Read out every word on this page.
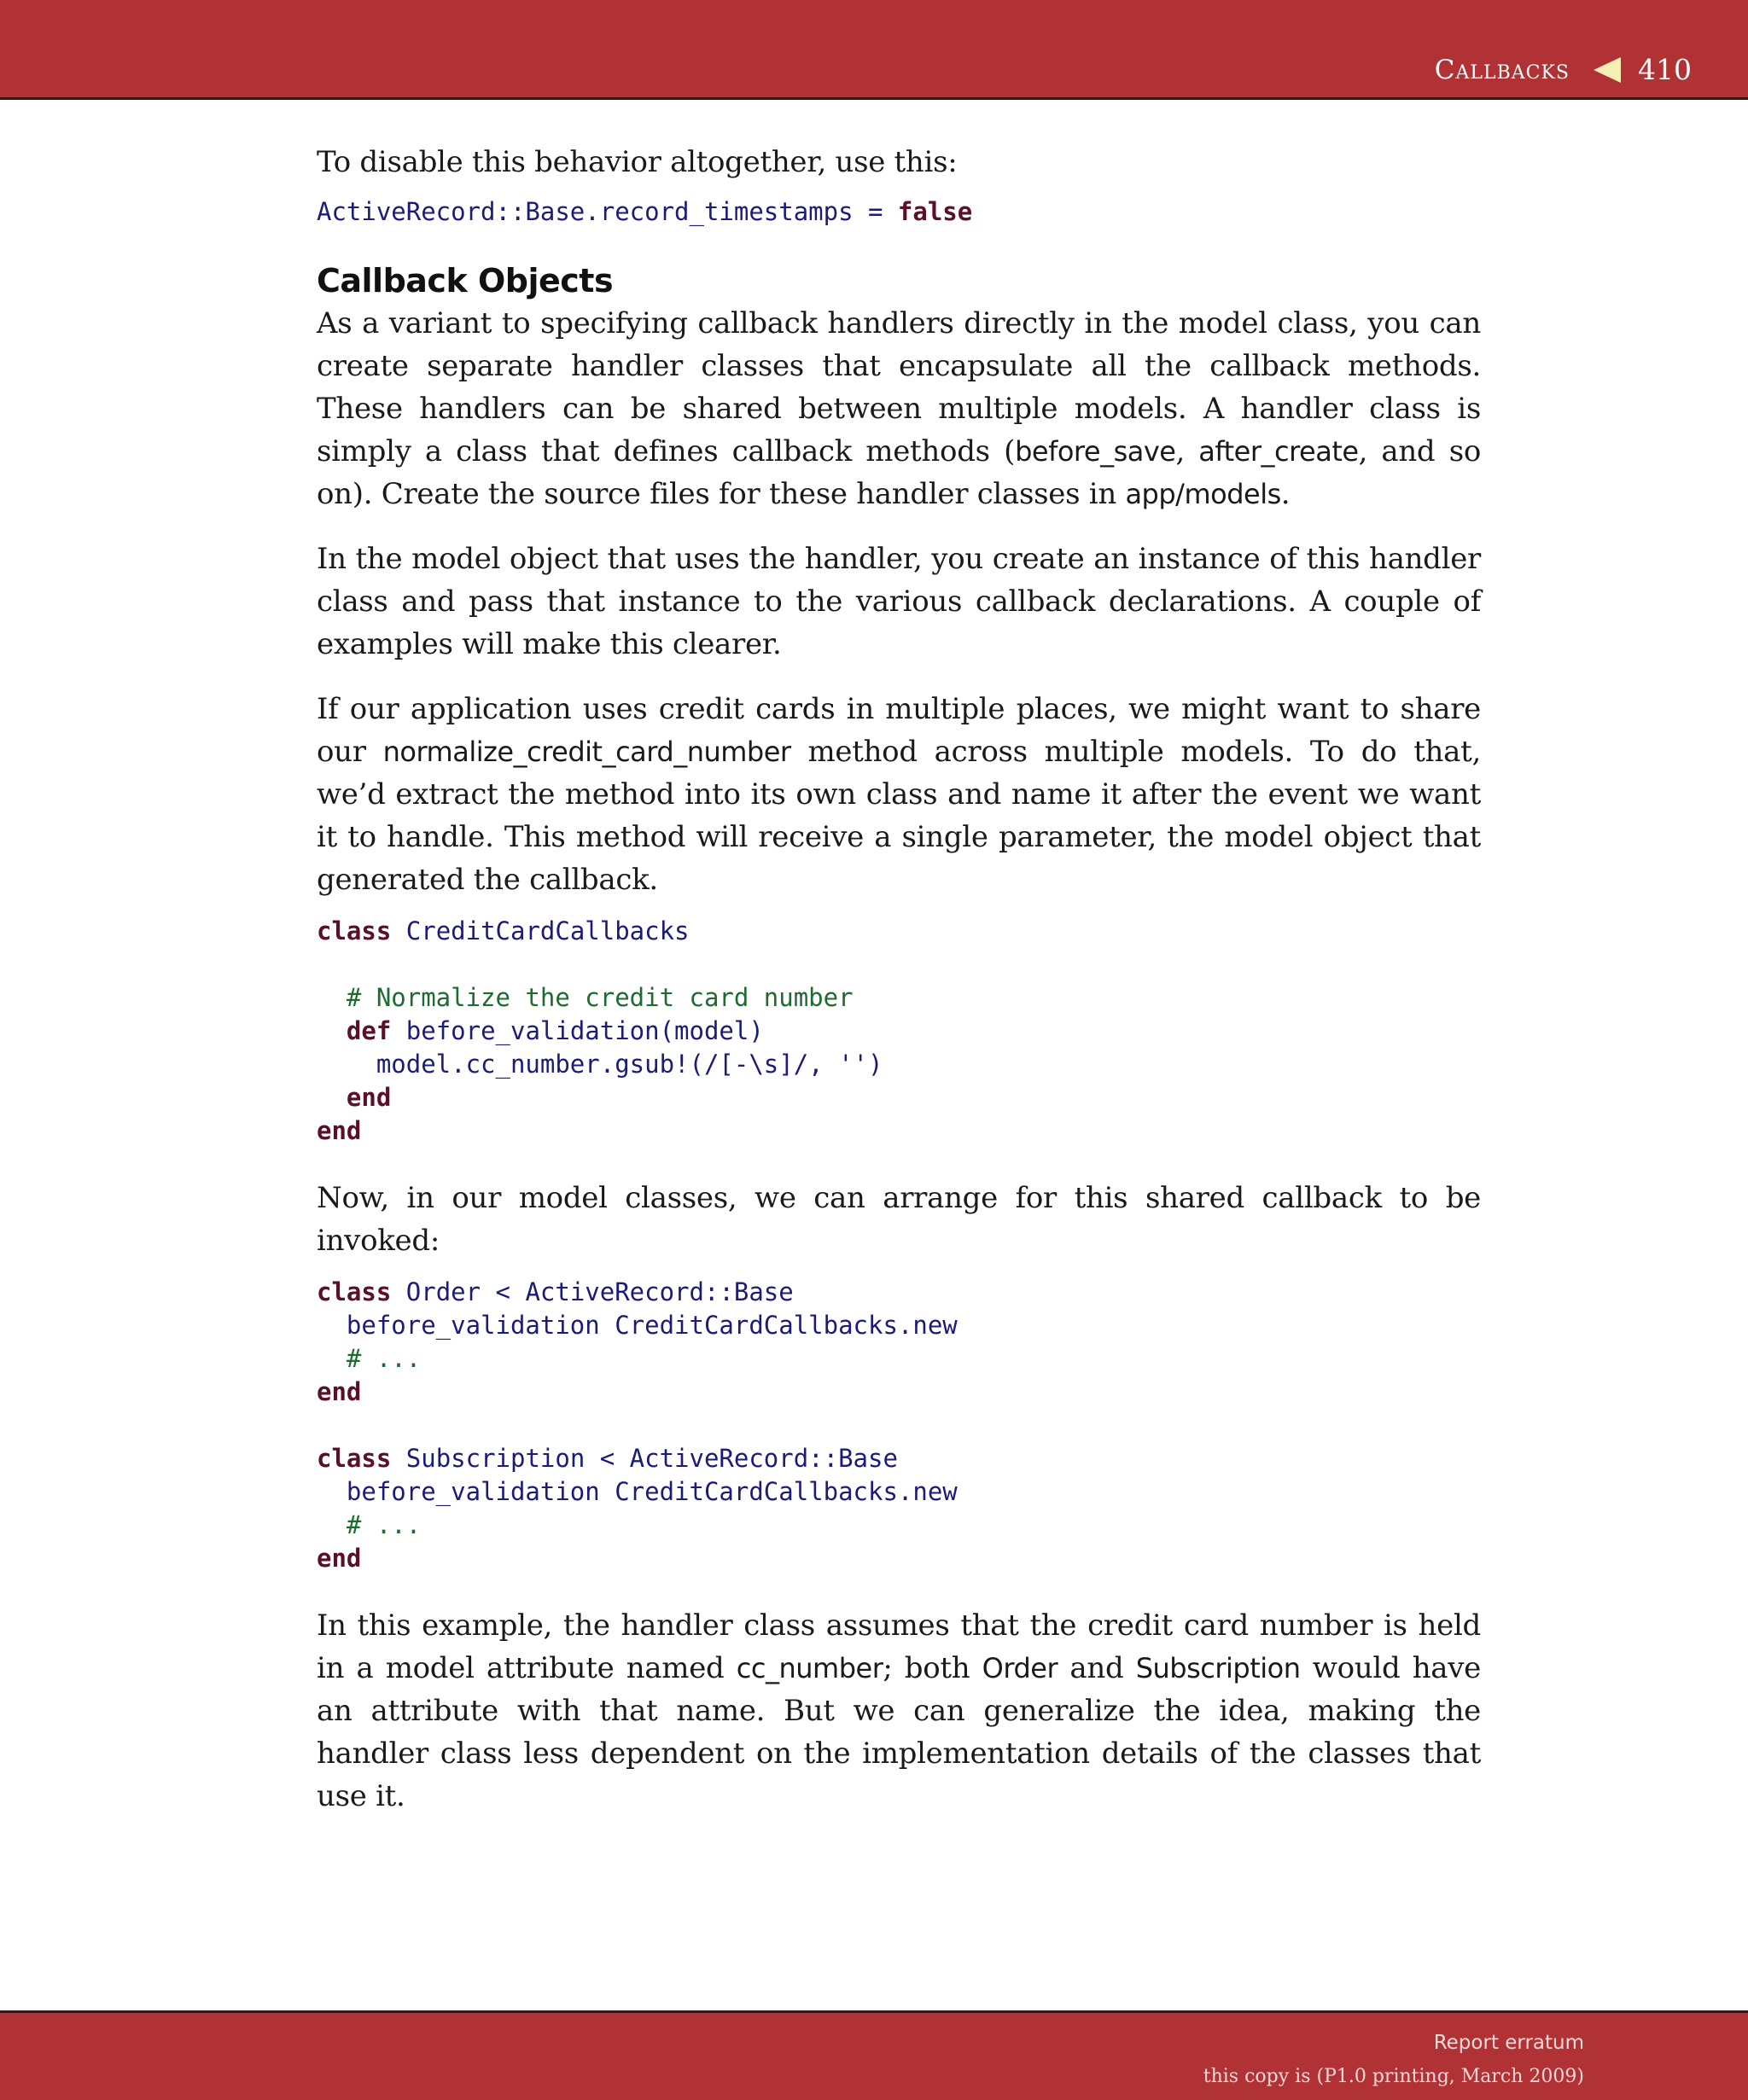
Callbacks 410

To disable this behavior altogether, use this:

ActiveRecord::Base.record_timestamps = false
Callback Objects

As a variant to specifying callback handlers directly in the model class, you can create separate handler classes that encapsulate all the callback methods. These handlers can be shared between multiple models. A handler class is simply a class that defines callback methods (before_save, after_create, and so on). Create the source files for these handler classes in app/models.

In the model object that uses the handler, you create an instance of this handler class and pass that instance to the various callback declarations. A couple of examples will make this clearer.

If our application uses credit cards in multiple places, we might want to share our normalize_credit_card_number method across multiple models. To do that, we’d extract the method into its own class and name it after the event we want it to handle. This method will receive a single parameter, the model object that generated the callback.

class CreditCardCallbacks

# Normalize the credit card number
def before_validation(model)
model.cc_number.gsub!(/[-\s]/, '')
end
end

Now, in our model classes, we can arrange for this shared callback to be invoked:

class Order < ActiveRecord::Base
before_validation CreditCardCallbacks.new
# ...
end

class Subscription < ActiveRecord::Base
before_validation CreditCardCallbacks.new
# ...
end

In this example, the handler class assumes that the credit card number is held in a model attribute named cc_number; both Order and Subscription would have an attribute with that name. But we can generalize the idea, making the handler class less dependent on the implementation details of the classes that use it.

Report erratum
this copy is (P1.0 printing, March 2009)
